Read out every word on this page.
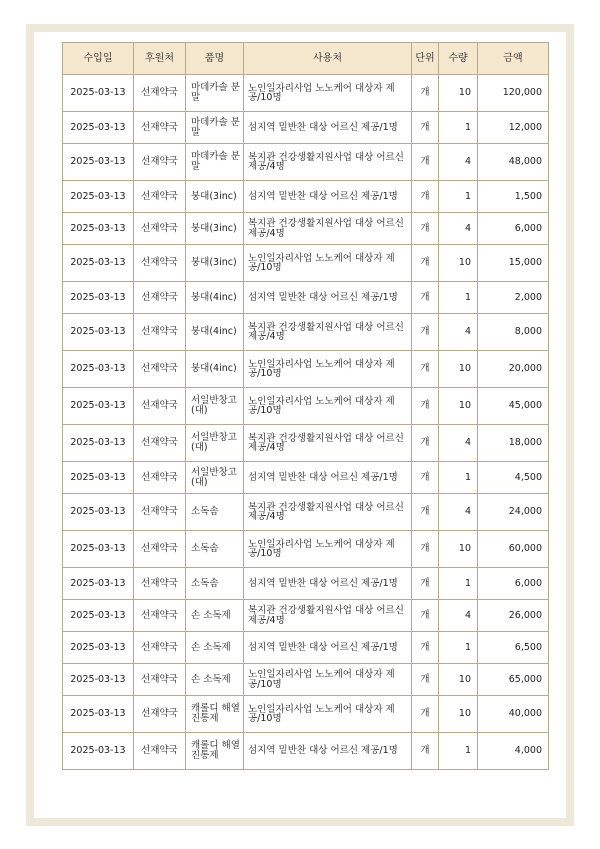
수입일	후원처	품명	사용처	단위	수량	금액
2025-03-13	선재약국	마데카솔 분말	노인일자리사업 노노케어 대상자 제공/10명	개	10	120,000
2025-03-13	선재약국	마데카솔 분말	섬지역 밑반찬 대상 어르신 제공/1명	개	1	12,000
2025-03-13	선재약국	마데카솔 분말	복지관 건강생활지원사업 대상 어르신 제공/4명	개	4	48,000
2025-03-13	선재약국	붕대(3inc)	섬지역 밑반찬 대상 어르신 제공/1명	개	1	1,500
2025-03-13	선재약국	붕대(3inc)	복지관 건강생활지원사업 대상 어르신 제공/4명	개	4	6,000
2025-03-13	선재약국	붕대(3inc)	노인일자리사업 노노케어 대상자 제공/10명	개	10	15,000
2025-03-13	선재약국	붕대(4inc)	섬지역 밑반찬 대상 어르신 제공/1명	개	1	2,000
2025-03-13	선재약국	붕대(4inc)	복지관 건강생활지원사업 대상 어르신 제공/4명	개	4	8,000
2025-03-13	선재약국	붕대(4inc)	노인일자리사업 노노케어 대상자 제공/10명	개	10	20,000
2025-03-13	선재약국	서일반창고(대)	노인일자리사업 노노케어 대상자 제공/10명	개	10	45,000
2025-03-13	선재약국	서일반창고(대)	복지관 건강생활지원사업 대상 어르신 제공/4명	개	4	18,000
2025-03-13	선재약국	서일반창고(대)	섬지역 밑반찬 대상 어르신 제공/1명	개	1	4,500
2025-03-13	선재약국	소독솜	복지관 건강생활지원사업 대상 어르신 제공/4명	개	4	24,000
2025-03-13	선재약국	소독솜	노인일자리사업 노노케어 대상자 제공/10명	개	10	60,000
2025-03-13	선재약국	소독솜	섬지역 밑반찬 대상 어르신 제공/1명	개	1	6,000
2025-03-13	선재약국	손 소독제	복지관 건강생활지원사업 대상 어르신 제공/4명	개	4	26,000
2025-03-13	선재약국	손 소독제	섬지역 밑반찬 대상 어르신 제공/1명	개	1	6,500
2025-03-13	선재약국	손 소독제	노인일자리사업 노노케어 대상자 제공/10명	개	10	65,000
2025-03-13	선재약국	캐롤디 해열진통제	노인일자리사업 노노케어 대상자 제공/10명	개	10	40,000
2025-03-13	선재약국	캐롤디 해열진통제	섬지역 밑반찬 대상 어르신 제공/1명	개	1	4,000
